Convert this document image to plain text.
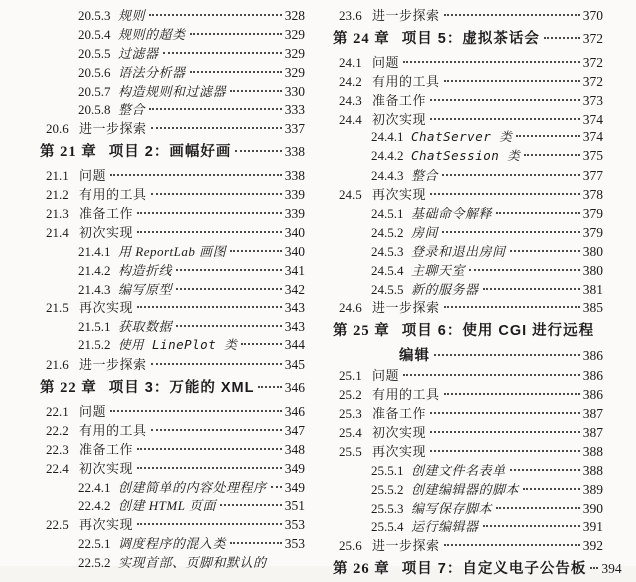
20.5.3 规则	328
20.5.4 规则的超类	329
20.5.5 过滤器	329
20.5.6 语法分析器	329
20.5.7 构造规则和过滤器	330
20.5.8 整合	333
20.6 进一步探索	337
第 21 章 项目 2：画幅好画	338
21.1 问题	338
21.2 有用的工具	339
21.3 准备工作	339
21.4 初次实现	340
21.4.1 用 ReportLab 画图	340
21.4.2 构造折线	341
21.4.3 编写原型	342
21.5 再次实现	343
21.5.1 获取数据	343
21.5.2 使用 LinePlot 类	344
21.6 进一步探索	345
第 22 章 项目 3：万能的 XML 346
22.1 问题	346
22.2 有用的工具	347
22.3 准备工作	348
22.4 初次实现	349
22.4.1 创建简单的内容处理程序 349
22.4.2 创建 HTML 页面	351
22.5 再次实现	353
22.5.1 调度程序的混入类	353
22.5.2 实现首部、页脚和默认的
23.6 进一步探索	370
第 24 章 项目 5：虚拟茶话会	372
24.1 问题	372
24.2 有用的工具	372
24.3 准备工作	373
24.4 初次实现	374
24.4.1 ChatServer 类	374
24.4.2 ChatSession 类	375
24.4.3 整合	377
24.5 再次实现	378
24.5.1 基础命令解释	379
24.5.2 房间	379
24.5.3 登录和退出房间	380
24.5.4 主聊天室	380
24.5.5 新的服务器	381
24.6 进一步探索	385
第 25 章 项目 6：使用 CGI 进行远程
编辑	386
25.1 问题	386
25.2 有用的工具	386
25.3 准备工作	387
25.4 初次实现	387
25.5 再次实现	388
25.5.1 创建文件名表单	388
25.5.2 创建编辑器的脚本	389
25.5.3 编写保存脚本	390
25.5.4 运行编辑器	391
25.6 进一步探索	392
第 26 章 项目 7：自定义电子公告板 394
